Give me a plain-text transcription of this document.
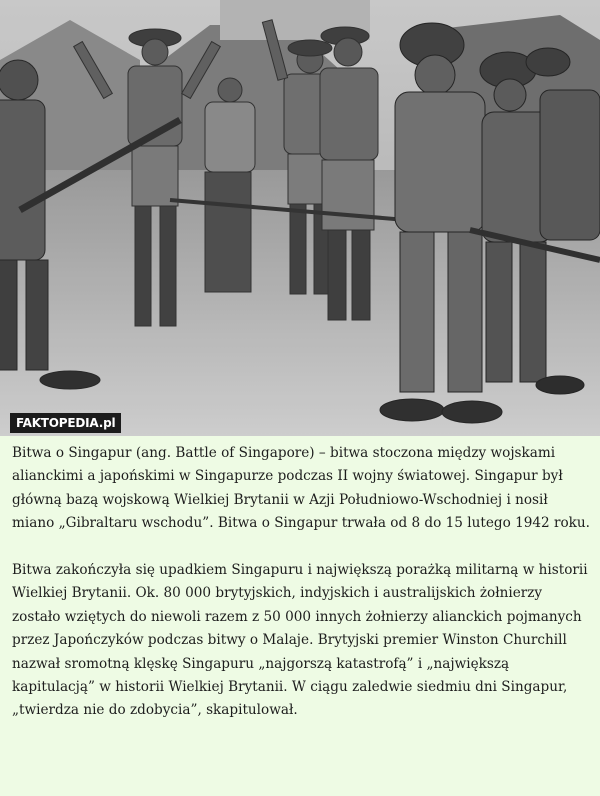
FAKTOPEDIA.pl

Bitwa o Singapur (ang. Battle of Singapore) – bitwa stoczona między wojskami alianckimi a japońskimi w Singapurze podczas II wojny światowej. Singapur był główną bazą wojskową Wielkiej Brytanii w Azji Południowo-Wschodniej i nosił miano „Gibraltaru wschodu”. Bitwa o Singapur trwała od 8 do 15 lutego 1942 roku.

Bitwa zakończyła się upadkiem Singapuru i największą porażką militarną w historii Wielkiej Brytanii. Ok. 80 000 brytyjskich, indyjskich i australijskich żołnierzy zostało wziętych do niewoli razem z 50 000 innych żołnierzy alianckich pojmanych przez Japończyków podczas bitwy o Malaje. Brytyjski premier Winston Churchill nazwał sromotną klęskę Singapuru „najgorszą katastrofą” i „największą kapitulacją” w historii Wielkiej Brytanii. W ciągu zaledwie siedmiu dni Singapur, „twierdza nie do zdobycia”, skapitulował.
